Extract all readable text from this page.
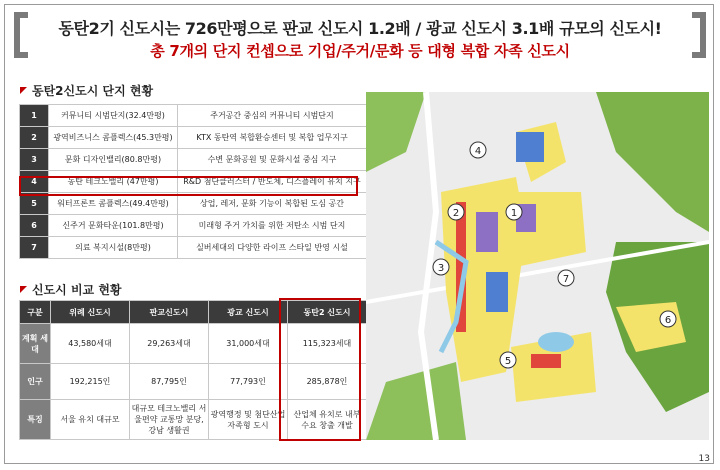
동탄2기 신도시는 726만평으로 판교 신도시 1.2배 / 광교 신도시 3.1배 규모의 신도시!
총 7개의 단지 컨셉으로 기업/주거/문화 등 대형 복합 자족 신도시
동탄2신도시 단지 현황
1	커뮤니티 시범단지(32.4만평)	주거공간 중심의 커뮤니티 시범단지
2	광역비즈니스 콤플렉스(45.3만평)	KTX 동탄역 복합환승센터 및 복합 업무지구
3	문화 디자인밸리(80.8만평)	수변 문화공원 및 문화시설 중심 지구
4	동탄 테크노밸리 (47만평)	R&D 첨단클러스터 / 반도체, 디스플레이 유치 지구
5	워터프론트 콤플렉스(49.4만평)	상업, 레저, 문화 기능이 복합된 도심 공간
6	신주거 문화타운(101.8만평)	미래형 주거 가치를 위한 저탄소 시범 단지
7	의료 복지시설(8만평)	실버세대의 다양한 라이프 스타일 반영 시설
신도시 비교 현황
구분	위례 신도시	판교신도시	광교 신도시	동탄2 신도시
계획 세대	43,580세대	29,263세대	31,000세대	115,323세대
인구	192,215인	87,795인	77,793인	285,878인
특징	서울 유치 대규모	대규모 테크노밸리 서울편약 교통망 분당,강남 생활권	광역행정 및 첨단산업 자족형 도시	산업체 유치로 내부 수요 창출 개발
1
2
3
4
5
6
7
13
